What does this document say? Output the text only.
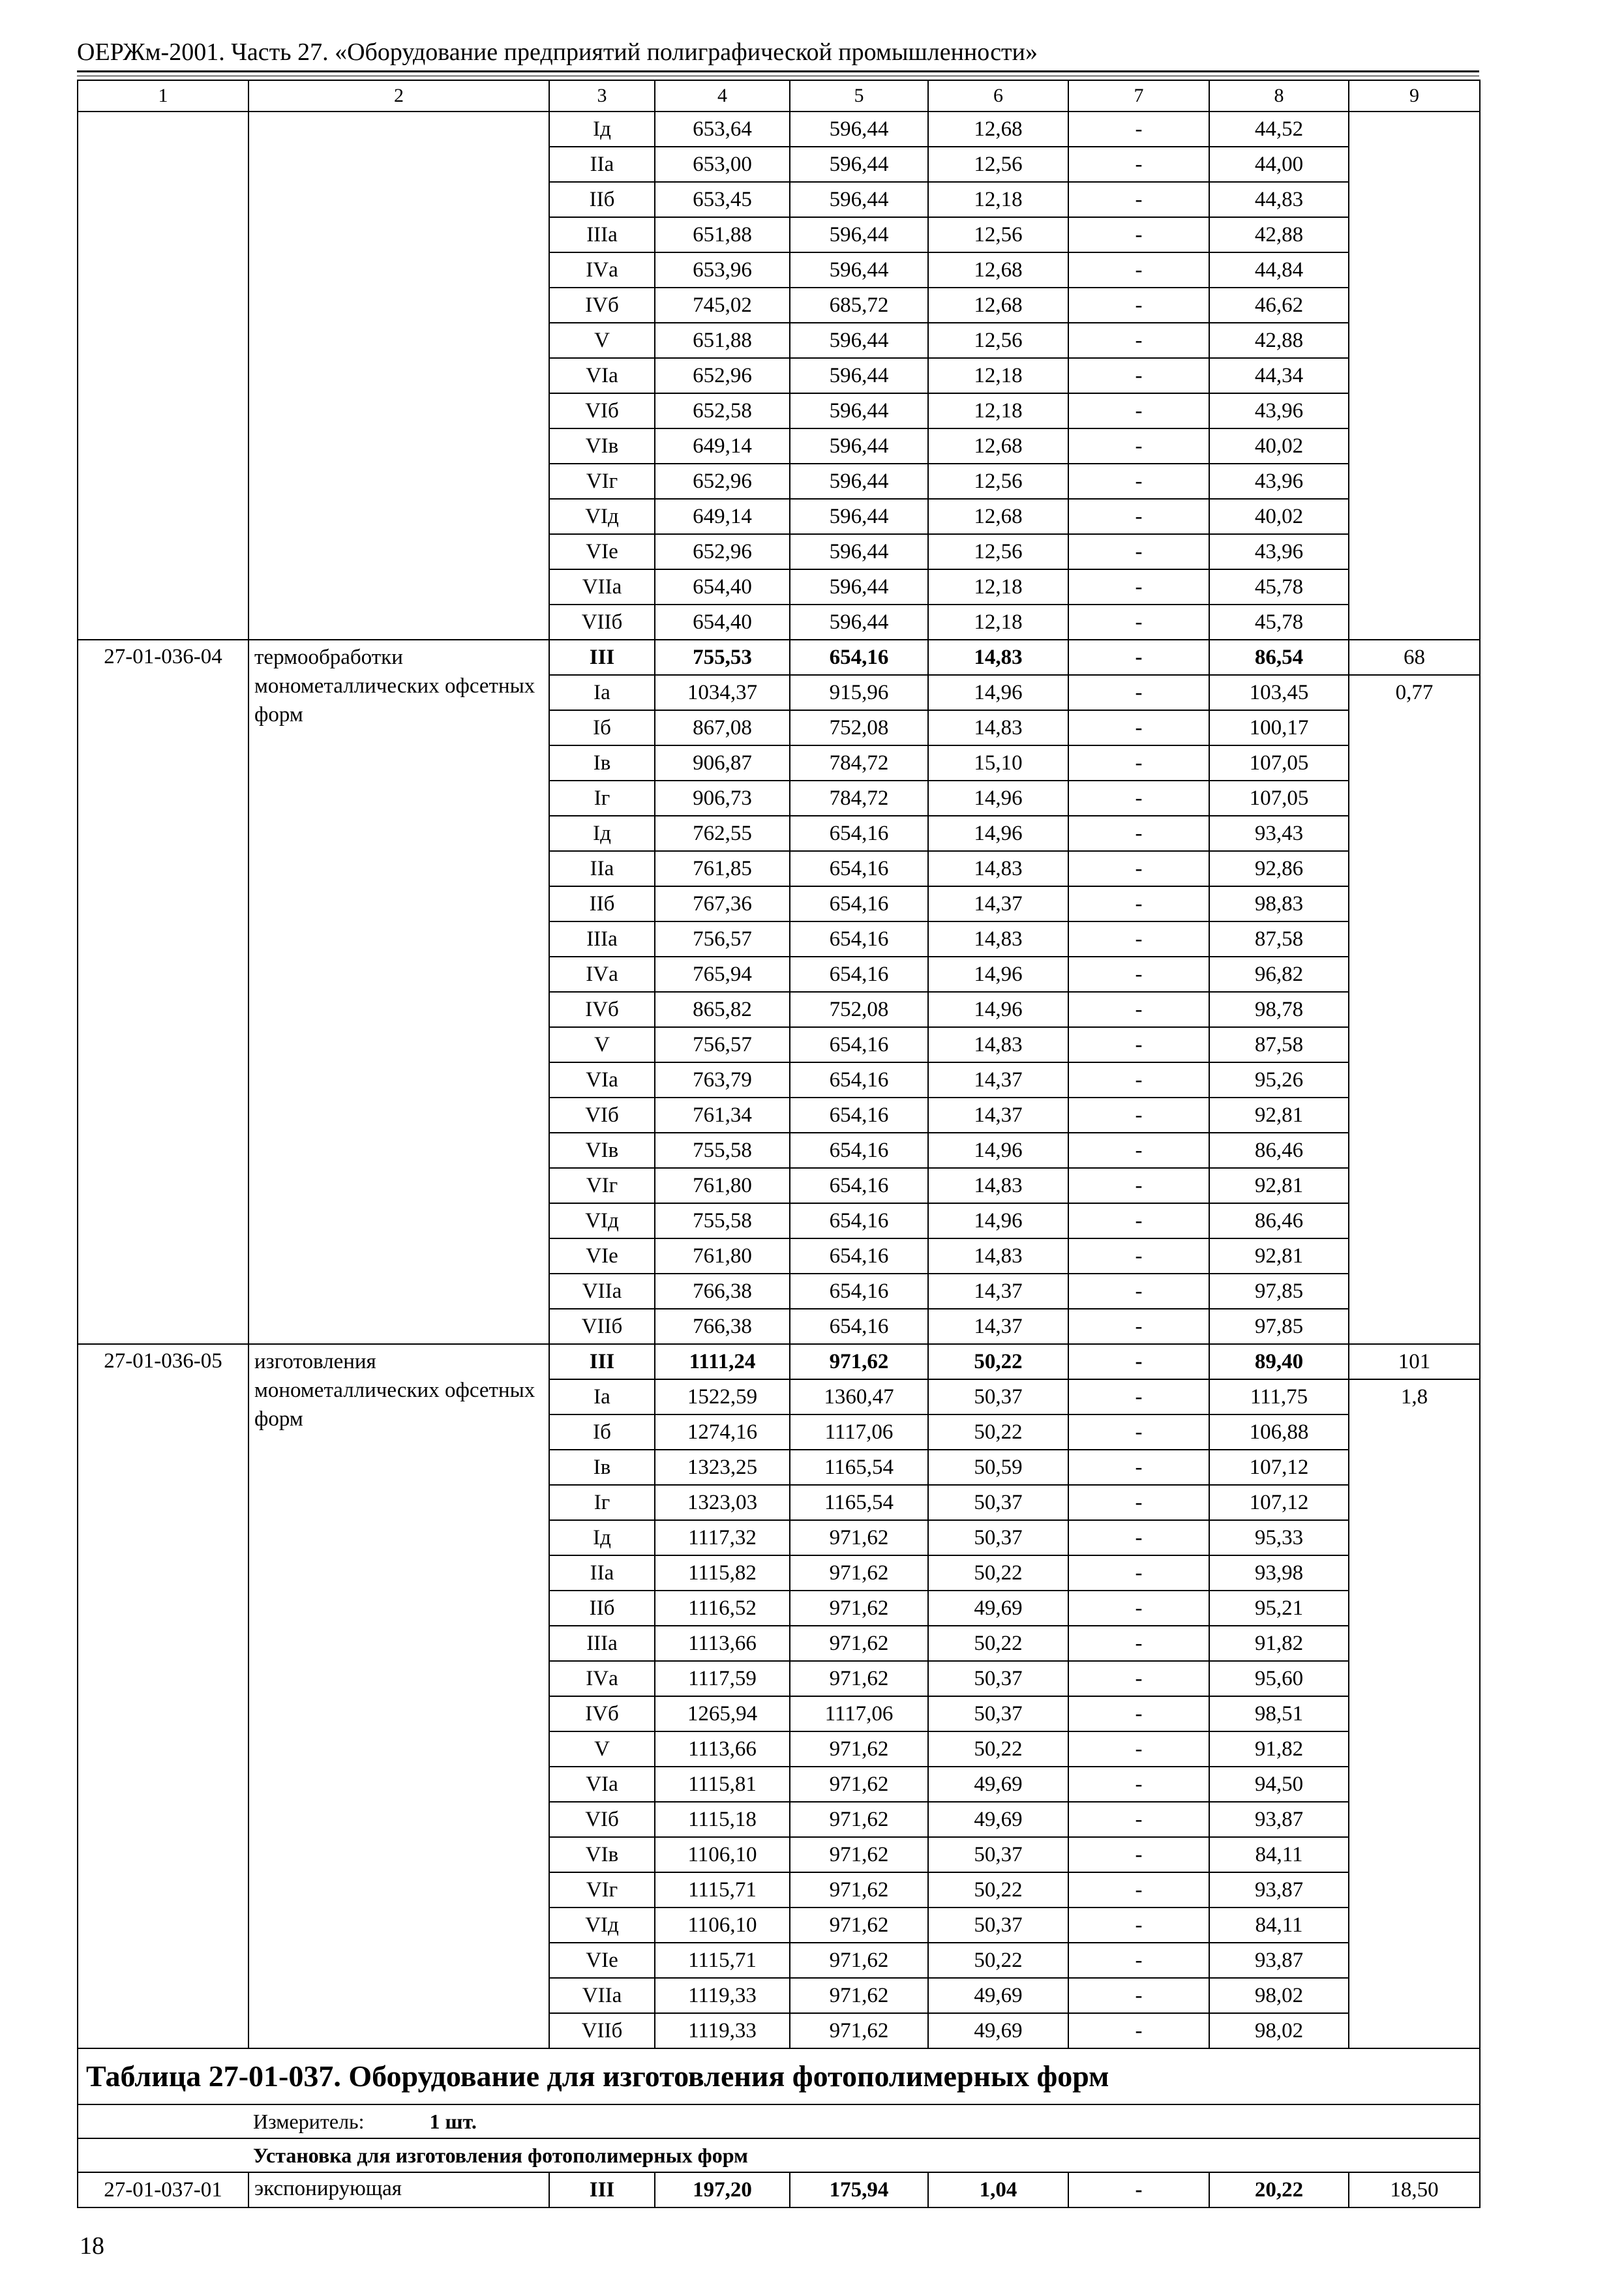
ОЕРЖм-2001. Часть 27. «Оборудование предприятий полиграфической промышленности»
1	2	3	4	5	6	7	8	9
		Iд	653,64	596,44	12,68	-	44,52	
		IIа	653,00	596,44	12,56	-	44,00	
		IIб	653,45	596,44	12,18	-	44,83	
		IIIа	651,88	596,44	12,56	-	42,88	
		IVа	653,96	596,44	12,68	-	44,84	
		IVб	745,02	685,72	12,68	-	46,62	
		V	651,88	596,44	12,56	-	42,88	
		VIа	652,96	596,44	12,18	-	44,34	
		VIб	652,58	596,44	12,18	-	43,96	
		VIв	649,14	596,44	12,68	-	40,02	
		VIг	652,96	596,44	12,56	-	43,96	
		VIд	649,14	596,44	12,68	-	40,02	
		VIе	652,96	596,44	12,56	-	43,96	
		VIIа	654,40	596,44	12,18	-	45,78	
		VIIб	654,40	596,44	12,18	-	45,78	
27-01-036-04	термообработки монометаллических офсетных форм	III	755,53	654,16	14,83	-	86,54	68
		Iа	1034,37	915,96	14,96	-	103,45	0,77
		Iб	867,08	752,08	14,83	-	100,17	
		Iв	906,87	784,72	15,10	-	107,05	
		Iг	906,73	784,72	14,96	-	107,05	
		Iд	762,55	654,16	14,96	-	93,43	
		IIа	761,85	654,16	14,83	-	92,86	
		IIб	767,36	654,16	14,37	-	98,83	
		IIIа	756,57	654,16	14,83	-	87,58	
		IVа	765,94	654,16	14,96	-	96,82	
		IVб	865,82	752,08	14,96	-	98,78	
		V	756,57	654,16	14,83	-	87,58	
		VIа	763,79	654,16	14,37	-	95,26	
		VIб	761,34	654,16	14,37	-	92,81	
		VIв	755,58	654,16	14,96	-	86,46	
		VIг	761,80	654,16	14,83	-	92,81	
		VIд	755,58	654,16	14,96	-	86,46	
		VIе	761,80	654,16	14,83	-	92,81	
		VIIа	766,38	654,16	14,37	-	97,85	
		VIIб	766,38	654,16	14,37	-	97,85	
27-01-036-05	изготовления монометаллических офсетных форм	III	1111,24	971,62	50,22	-	89,40	101
		Iа	1522,59	1360,47	50,37	-	111,75	1,8
		Iб	1274,16	1117,06	50,22	-	106,88	
		Iв	1323,25	1165,54	50,59	-	107,12	
		Iг	1323,03	1165,54	50,37	-	107,12	
		Iд	1117,32	971,62	50,37	-	95,33	
		IIа	1115,82	971,62	50,22	-	93,98	
		IIб	1116,52	971,62	49,69	-	95,21	
		IIIа	1113,66	971,62	50,22	-	91,82	
		IVа	1117,59	971,62	50,37	-	95,60	
		IVб	1265,94	1117,06	50,37	-	98,51	
		V	1113,66	971,62	50,22	-	91,82	
		VIа	1115,81	971,62	49,69	-	94,50	
		VIб	1115,18	971,62	49,69	-	93,87	
		VIв	1106,10	971,62	50,37	-	84,11	
		VIг	1115,71	971,62	50,22	-	93,87	
		VIд	1106,10	971,62	50,37	-	84,11	
		VIе	1115,71	971,62	50,22	-	93,87	
		VIIа	1119,33	971,62	49,69	-	98,02	
		VIIб	1119,33	971,62	49,69	-	98,02	
Таблица 27-01-037. Оборудование для изготовления фотополимерных форм								
Измеритель: 1 шт.								
Установка для изготовления фотополимерных форм								
27-01-037-01	экспонирующая	III	197,20	175,94	1,04	-	20,22	18,50
18
